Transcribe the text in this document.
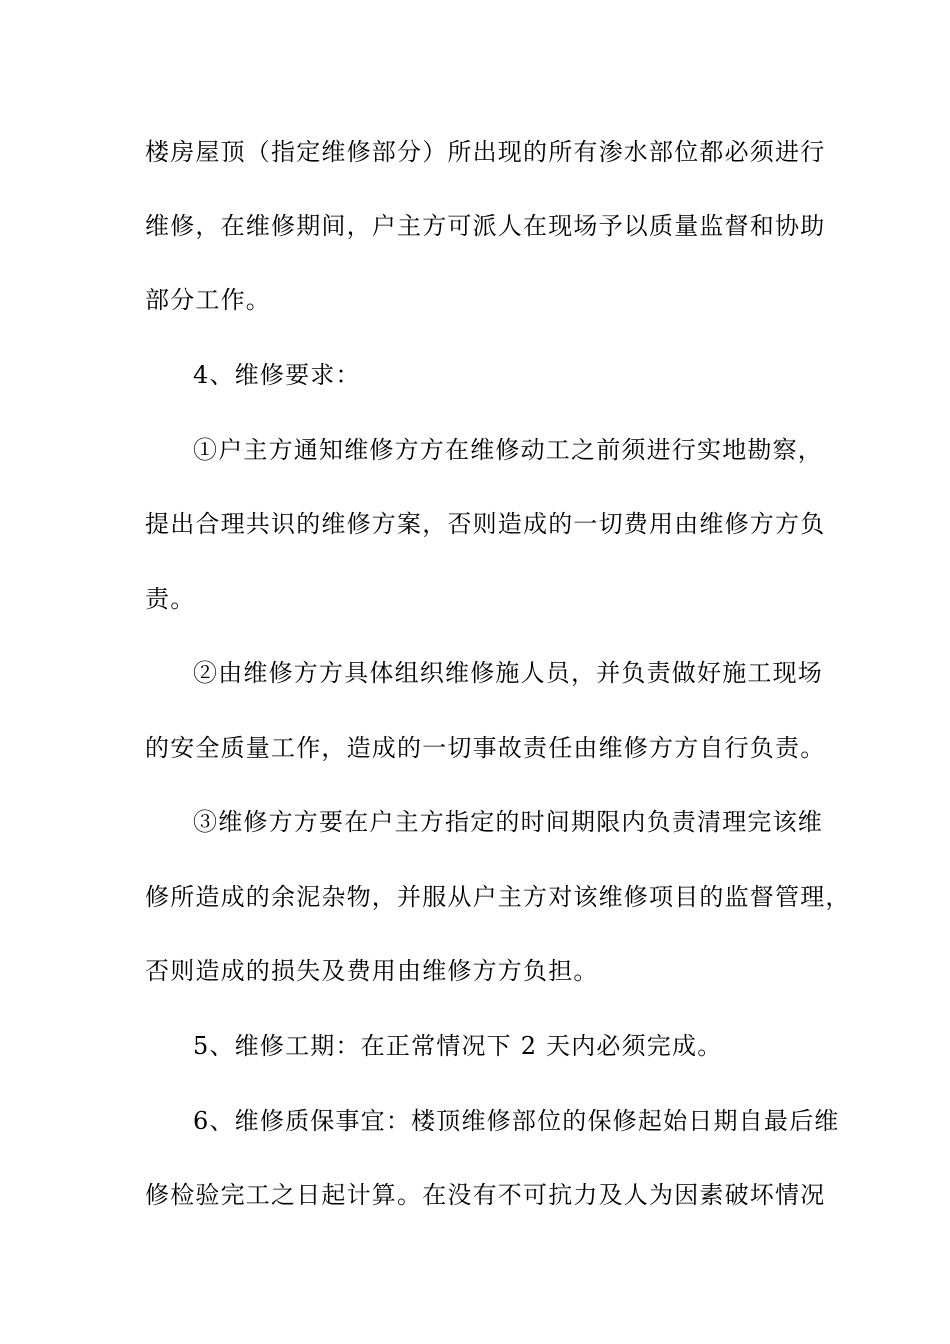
楼房屋顶（指定维修部分）所出现的所有渗水部位都必须进行
维修，在维修期间，户主方可派人在现场予以质量监督和协助
部分工作。
4、维修要求：
①户主方通知维修方方在维修动工之前须进行实地勘察，
提出合理共识的维修方案，否则造成的一切费用由维修方方负
责。
②由维修方方具体组织维修施人员，并负责做好施工现场
的安全质量工作，造成的一切事故责任由维修方方自行负责。
③维修方方要在户主方指定的时间期限内负责清理完该维
修所造成的余泥杂物，并服从户主方对该维修项目的监督管理，
否则造成的损失及费用由维修方方负担。
5、维修工期：在正常情况下 2 天内必须完成。
6、维修质保事宜：楼顶维修部位的保修起始日期自最后维
修检验完工之日起计算。在没有不可抗力及人为因素破坏情况
